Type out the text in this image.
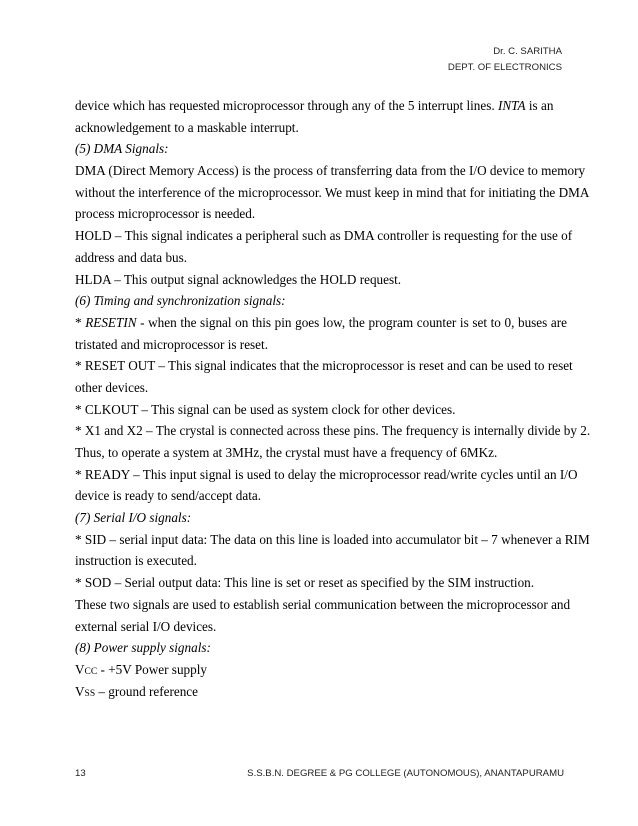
Dr. C. SARITHA
DEPT. OF ELECTRONICS
device which has requested microprocessor through any of the 5 interrupt lines. INTA is an
acknowledgement to a maskable interrupt.
(5) DMA Signals:
DMA (Direct Memory Access) is the process of transferring data from the I/O device to memory
without the interference of the microprocessor. We must keep in mind that for initiating the DMA
process microprocessor is needed.
HOLD – This signal indicates a peripheral such as DMA controller is requesting for the use of
address and data bus.
HLDA – This output signal acknowledges the HOLD request.
(6) Timing and synchronization signals:
* RESETIN - when the signal on this pin goes low, the program counter is set to 0, buses are
tristated and microprocessor is reset.
* RESET OUT – This signal indicates that the microprocessor is reset and can be used to reset
other devices.
* CLKOUT – This signal can be used as system clock for other devices.
* X1 and X2 – The crystal is connected across these pins. The frequency is internally divide by 2.
Thus, to operate a system at 3MHz, the crystal must have a frequency of 6MKz.
* READY – This input signal is used to delay the microprocessor read/write cycles until an I/O
device is ready to send/accept data.
(7) Serial I/O signals:
* SID – serial input data: The data on this line is loaded into accumulator bit – 7 whenever a RIM
instruction is executed.
* SOD – Serial output data: This line is set or reset as specified by the SIM instruction.
These two signals are used to establish serial communication between the microprocessor and
external serial I/O devices.
(8) Power supply signals:
VCC - +5V Power supply
VSS – ground reference
13	S.S.B.N. DEGREE & PG COLLEGE (AUTONOMOUS), ANANTAPURAMU
